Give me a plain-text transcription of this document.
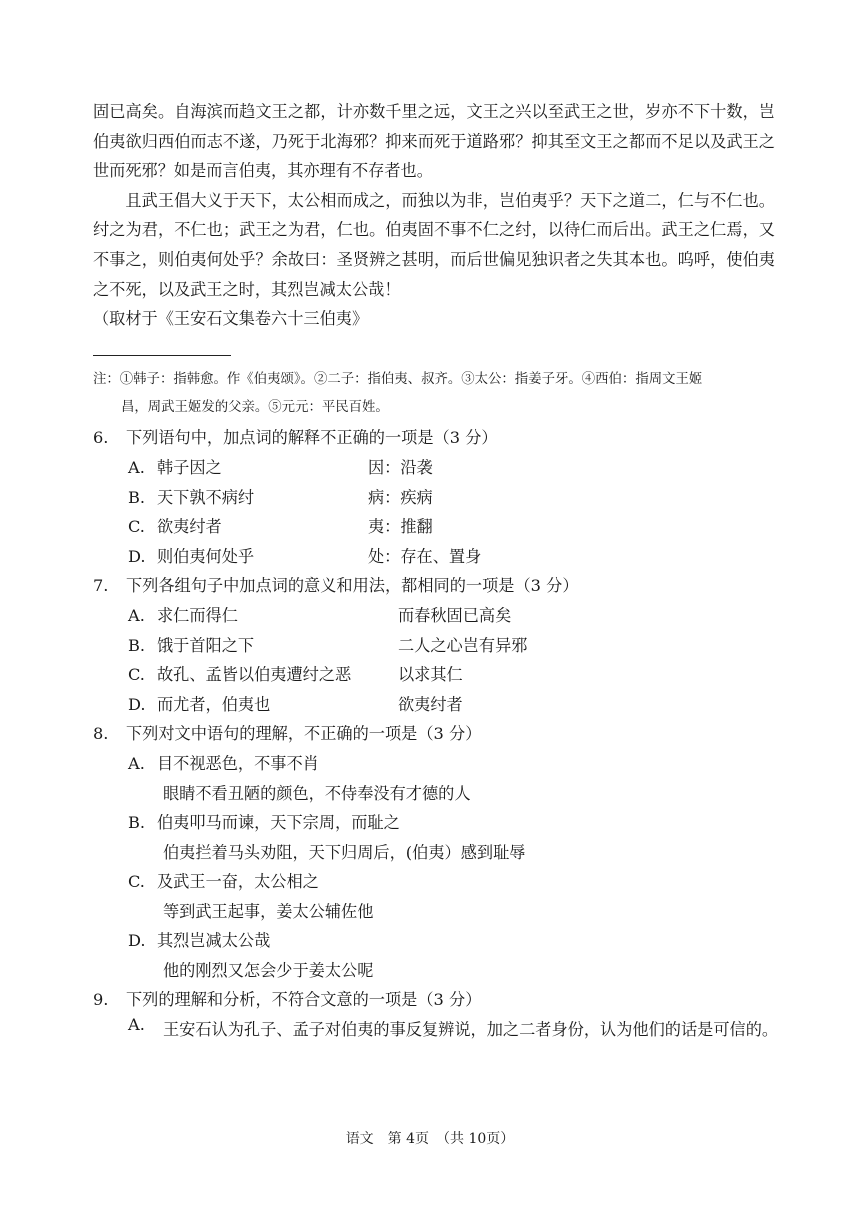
固已高矣。自海滨而趋文王之都，计亦数千里之远，文王之兴以至武王之世，岁亦不下十数，岂伯夷欲归西伯而志不遂，乃死于北海邪？抑来而死于道路邪？抑其至文王之都而不足以及武王之世而死邪？如是而言伯夷，其亦理有不存者也。

且武王倡大义于天下，太公相而成之，而独以为非，岂伯夷乎？天下之道二，仁与不仁也。纣之为君，不仁也；武王之为君，仁也。伯夷固不事不仁之纣，以待仁而后出。武王之仁焉，又不事之，则伯夷何处乎？余故曰：圣贤辨之甚明，而后世偏见独识者之失其本也。呜呼，使伯夷之不死，以及武王之时，其烈岂减太公哉！

（取材于《王安石文集卷六十三伯夷》

注：①韩子：指韩愈。作《伯夷颂》。②二子：指伯夷、叔齐。③太公：指姜子牙。④西伯：指周文王姬

昌，周武王姬发的父亲。⑤元元：平民百姓。

6. 下列语句中，加点词的解释不正确的一项是（3 分）
A. 韩子因之	因：沿袭
B. 天下孰不病纣	病：疾病
C. 欲夷纣者	夷：推翻
D. 则伯夷何处乎	处：存在、置身
7. 下列各组句子中加点词的意义和用法，都相同的一项是（3 分）
A. 求仁而得仁	而春秋固已高矣
B. 饿于首阳之下	二人之心岂有异邪
C. 故孔、孟皆以伯夷遭纣之恶	以求其仁
D. 而尤者，伯夷也	欲夷纣者
8. 下列对文中语句的理解，不正确的一项是（3 分）
A. 目不视恶色，不事不肖
眼睛不看丑陋的颜色，不侍奉没有才德的人
B. 伯夷叩马而谏，天下宗周，而耻之
伯夷拦着马头劝阻，天下归周后，(伯夷）感到耻辱
C. 及武王一奋，太公相之
等到武王起事，姜太公辅佐他
D. 其烈岂减太公哉
他的刚烈又怎会少于姜太公呢
9. 下列的理解和分析，不符合文意的一项是（3 分）
A. 王安石认为孔子、孟子对伯夷的事反复辨说，加之二者身份，认为他们的话是可信的。
语文　第 4页　（共 10页）
